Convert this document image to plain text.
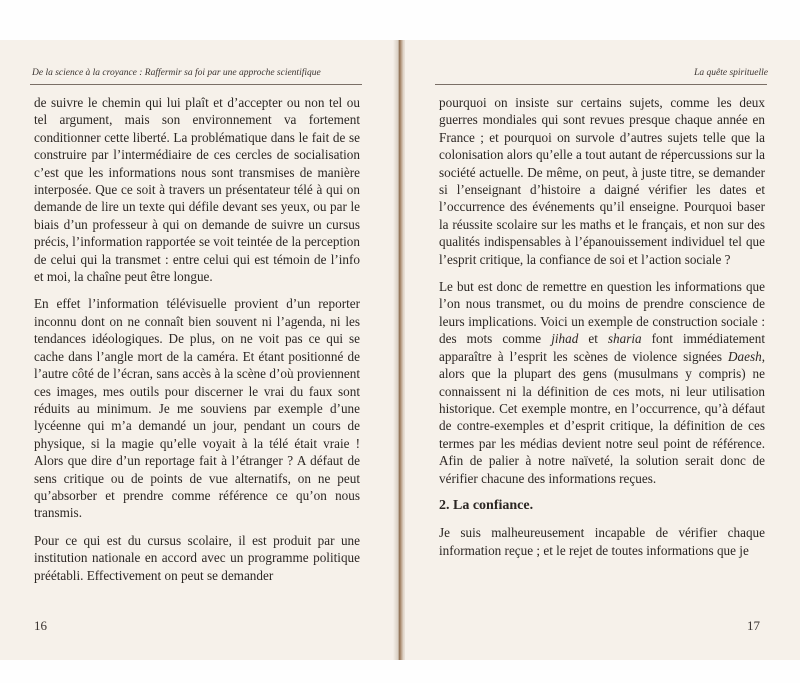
De la science à la croyance : Raffermir sa foi par une approche scientifique

de suivre le chemin qui lui plaît et d’accepter ou non tel ou tel argument, mais son environnement va fortement conditionner cette liberté. La problématique dans le fait de se construire par l’intermédiaire de ces cercles de socialisation c’est que les informations nous sont transmises de manière interposée. Que ce soit à travers un présentateur télé à qui on demande de lire un texte qui défile devant ses yeux, ou par le biais d’un professeur à qui on demande de suivre un cursus précis, l’information rapportée se voit teintée de la perception de celui qui la transmet : entre celui qui est témoin de l’info et moi, la chaîne peut être longue.

En effet l’information télévisuelle provient d’un reporter inconnu dont on ne connaît bien souvent ni l’agenda, ni les tendances idéologiques. De plus, on ne voit pas ce qui se cache dans l’angle mort de la caméra. Et étant positionné de l’autre côté de l’écran, sans accès à la scène d’où proviennent ces images, mes outils pour discerner le vrai du faux sont réduits au minimum. Je me souviens par exemple d’une lycéenne qui m’a demandé un jour, pendant un cours de physique, si la magie qu’elle voyait à la télé était vraie ! Alors que dire d’un reportage fait à l’étranger ? A défaut de sens critique ou de points de vue alternatifs, on ne peut qu’absorber et prendre comme référence ce qu’on nous transmis.

Pour ce qui est du cursus scolaire, il est produit par une institution nationale en accord avec un programme politique préétabli. Effectivement on peut se demander

16
La quête spirituelle

pourquoi on insiste sur certains sujets, comme les deux guerres mondiales qui sont revues presque chaque année en France ; et pourquoi on survole d’autres sujets telle que la colonisation alors qu’elle a tout autant de répercussions sur la société actuelle. De même, on peut, à juste titre, se demander si l’enseignant d’histoire a daigné vérifier les dates et l’occurrence des événements qu’il enseigne. Pourquoi baser la réussite scolaire sur les maths et le français, et non sur des qualités indispensables à l’épanouissement individuel tel que l’esprit critique, la confiance de soi et l’action sociale ?

Le but est donc de remettre en question les informations que l’on nous transmet, ou du moins de prendre conscience de leurs implications. Voici un exemple de construction sociale : des mots comme jihad et sharia font immédiatement apparaître à l’esprit les scènes de violence signées Daesh, alors que la plupart des gens (musulmans y compris) ne connaissent ni la définition de ces mots, ni leur utilisation historique. Cet exemple montre, en l’occurrence, qu’à défaut de contre-exemples et d’esprit critique, la définition de ces termes par les médias devient notre seul point de référence. Afin de palier à notre naïveté, la solution serait donc de vérifier chacune des informations reçues.

2. La confiance.

Je suis malheureusement incapable de vérifier chaque information reçue ; et le rejet de toutes informations que je

17
